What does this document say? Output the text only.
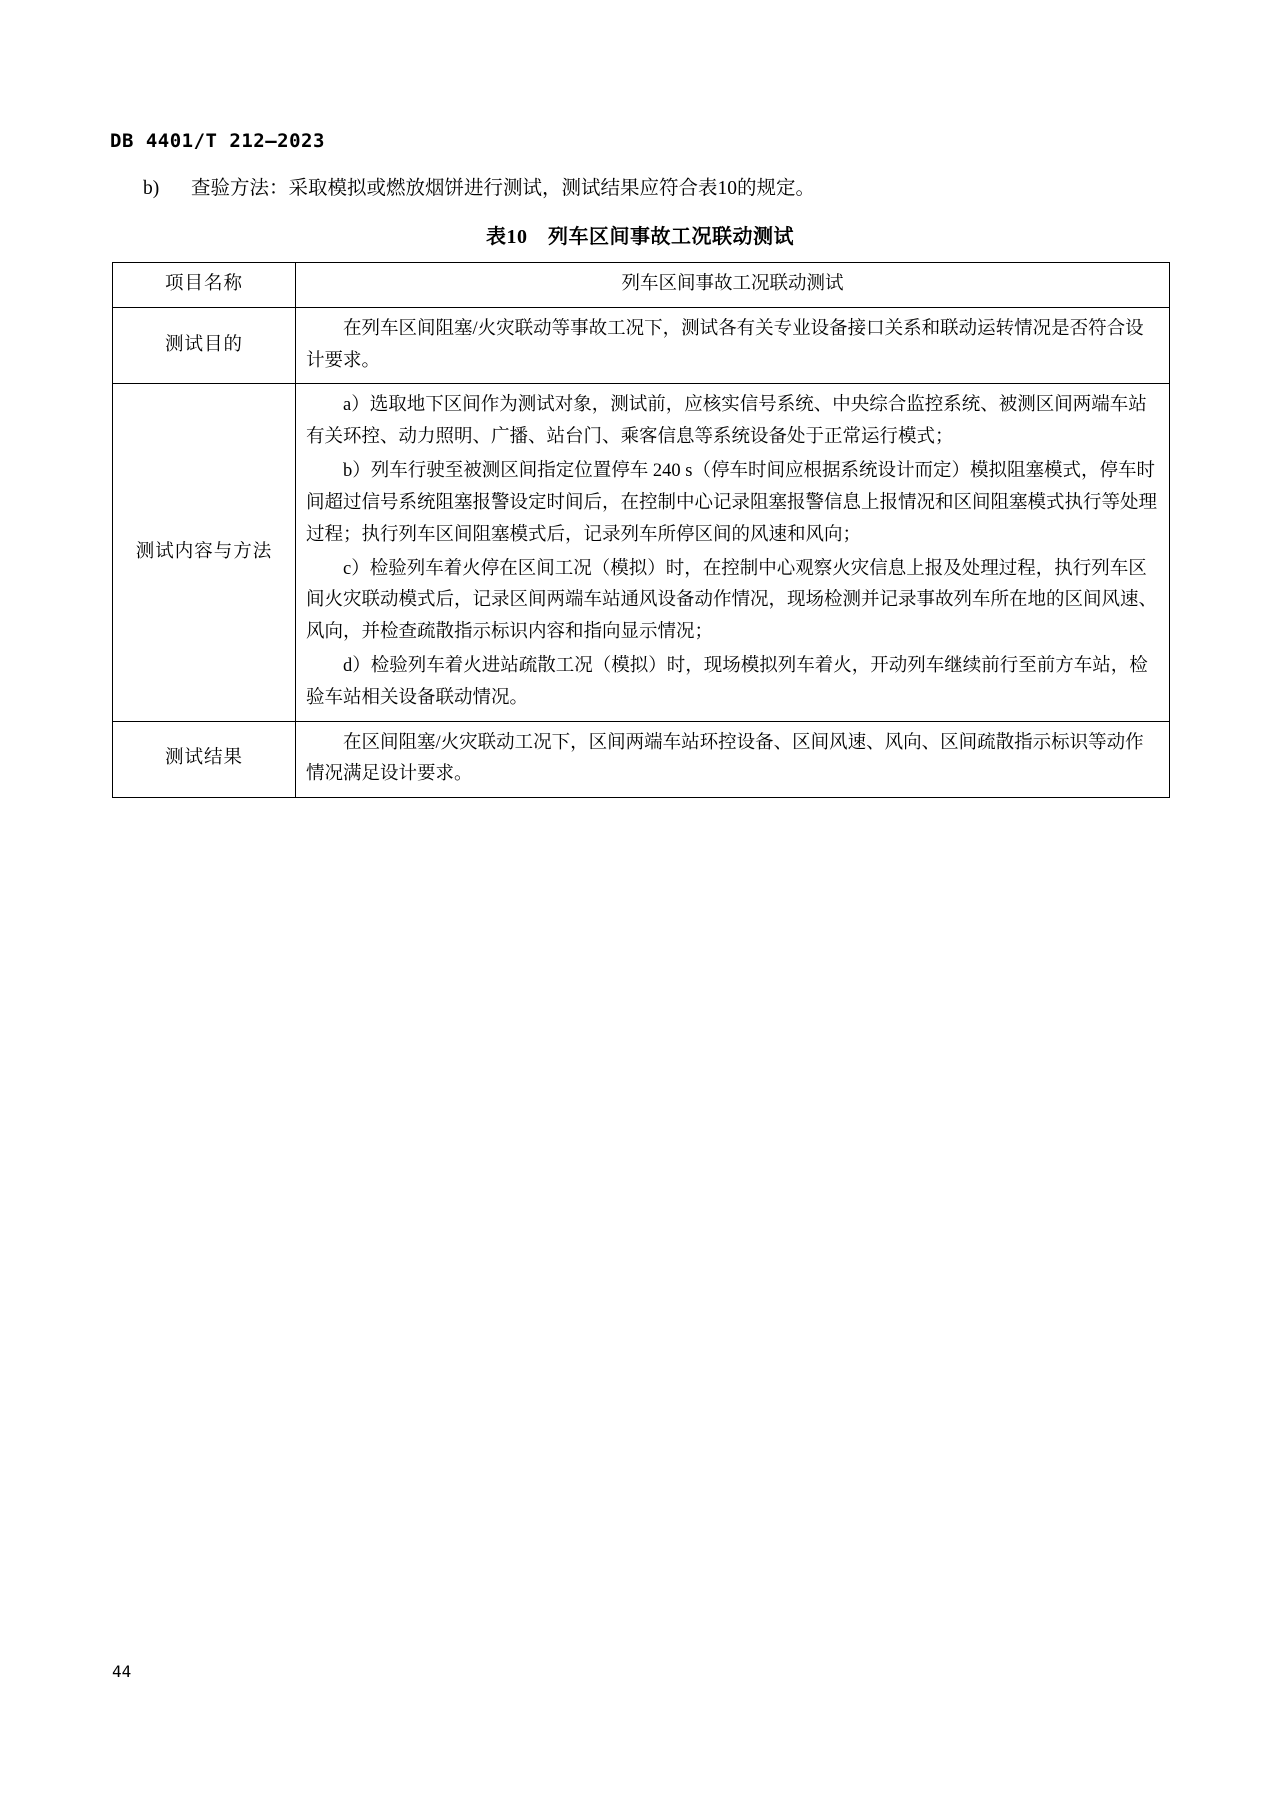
DB 4401/T 212—2023
b) 查验方法：采取模拟或燃放烟饼进行测试，测试结果应符合表10的规定。
表10　列车区间事故工况联动测试
项目名称	列车区间事故工况联动测试

测试目的	在列车区间阻塞/火灾联动等事故工况下，测试各有关专业设备接口关系和联动运转情况是否符合设计要求。

测试内容与方法	a）选取地下区间作为测试对象，测试前，应核实信号系统、中央综合监控系统、被测区间两端车站有关环控、动力照明、广播、站台门、乘客信息等系统设备处于正常运行模式；

b）列车行驶至被测区间指定位置停车 240 s（停车时间应根据系统设计而定）模拟阻塞模式，停车时间超过信号系统阻塞报警设定时间后，在控制中心记录阻塞报警信息上报情况和区间阻塞模式执行等处理过程；执行列车区间阻塞模式后，记录列车所停区间的风速和风向；

c）检验列车着火停在区间工况（模拟）时，在控制中心观察火灾信息上报及处理过程，执行列车区间火灾联动模式后，记录区间两端车站通风设备动作情况，现场检测并记录事故列车所在地的区间风速、风向，并检查疏散指示标识内容和指向显示情况；

d）检验列车着火进站疏散工况（模拟）时，现场模拟列车着火，开动列车继续前行至前方车站，检验车站相关设备联动情况。

测试结果	在区间阻塞/火灾联动工况下，区间两端车站环控设备、区间风速、风向、区间疏散指示标识等动作情况满足设计要求。

44
